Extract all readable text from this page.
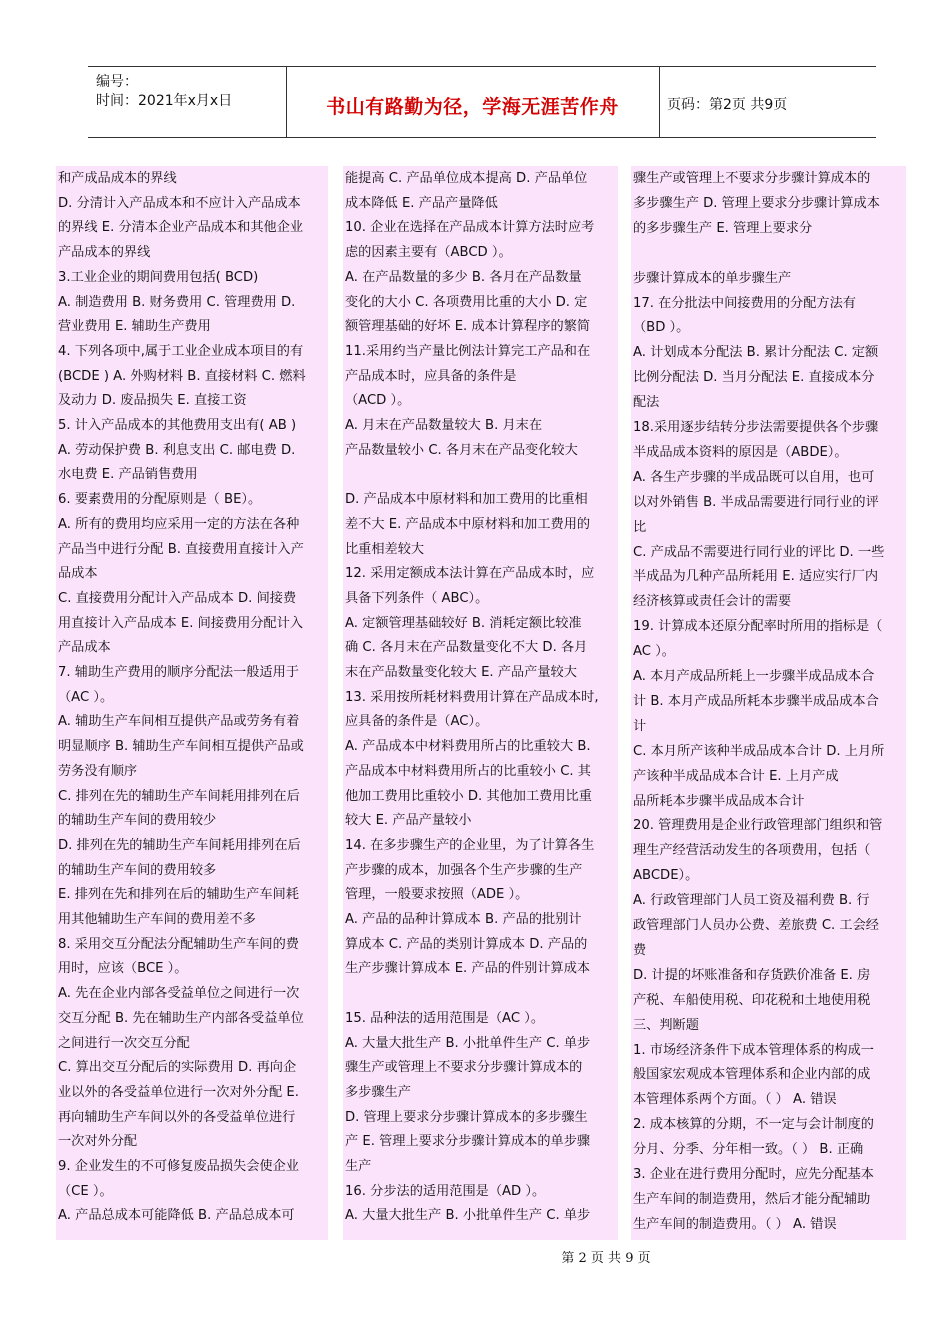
编号：
时间：2021年x月x日	书山有路勤为径，学海无涯苦作舟	页码：第2页 共9页
和产成品成本的界线
D. 分清计入产品成本和不应计入产品成本
的界线 E. 分清本企业产品成本和其他企业
产品成本的界线
3.工业企业的期间费用包括( BCD)
A. 制造费用 B. 财务费用 C. 管理费用 D.
营业费用 E. 辅助生产费用
4. 下列各项中,属于工业企业成本项目的有
(BCDE ) A. 外购材料 B. 直接材料 C. 燃料
及动力 D. 废品损失 E. 直接工资
5. 计入产品成本的其他费用支出有( AB )
A. 劳动保护费 B. 利息支出 C. 邮电费 D.
水电费 E. 产品销售费用
6. 要素费用的分配原则是（ BE）。
A. 所有的费用均应采用一定的方法在各种
产品当中进行分配 B. 直接费用直接计入产
品成本
C. 直接费用分配计入产品成本 D. 间接费
用直接计入产品成本 E. 间接费用分配计入
产品成本
7. 辅助生产费用的顺序分配法一般适用于
（AC ）。
A. 辅助生产车间相互提供产品或劳务有着
明显顺序 B. 辅助生产车间相互提供产品或
劳务没有顺序
C. 排列在先的辅助生产车间耗用排列在后
的辅助生产车间的费用较少
D. 排列在先的辅助生产车间耗用排列在后
的辅助生产车间的费用较多
E. 排列在先和排列在后的辅助生产车间耗
用其他辅助生产车间的费用差不多
8. 采用交互分配法分配辅助生产车间的费
用时，应该（BCE ）。
A. 先在企业内部各受益单位之间进行一次
交互分配 B. 先在辅助生产内部各受益单位
之间进行一次交互分配
C. 算出交互分配后的实际费用 D. 再向企
业以外的各受益单位进行一次对外分配 E.
再向辅助生产车间以外的各受益单位进行
一次对外分配
9. 企业发生的不可修复废品损失会使企业
（CE ）。
A. 产品总成本可能降低 B. 产品总成本可
能提高 C. 产品单位成本提高 D. 产品单位
成本降低 E. 产品产量降低
10. 企业在选择在产品成本计算方法时应考
虑的因素主要有（ABCD ）。
A. 在产品数量的多少 B. 各月在产品数量
变化的大小 C. 各项费用比重的大小 D. 定
额管理基础的好坏 E. 成本计算程序的繁简
11.采用约当产量比例法计算完工产品和在
产品成本时，应具备的条件是
（ACD ）。
A. 月末在产品数量较大 B. 月末在
产品数量较小 C. 各月末在产品变化较大
D. 产品成本中原材料和加工费用的比重相
差不大 E. 产品成本中原材料和加工费用的
比重相差较大
12. 采用定额成本法计算在产品成本时，应
具备下列条件（ ABC）。
A. 定额管理基础较好 B. 消耗定额比较准
确 C. 各月末在产品数量变化不大 D. 各月
末在产品数量变化较大 E. 产品产量较大
13. 采用按所耗材料费用计算在产品成本时,
应具备的条件是（AC）。
A. 产品成本中材料费用所占的比重较大 B.
产品成本中材料费用所占的比重较小 C. 其
他加工费用比重较小 D. 其他加工费用比重
较大 E. 产品产量较小
14. 在多步骤生产的企业里，为了计算各生
产步骤的成本，加强各个生产步骤的生产
管理，一般要求按照（ADE ）。
A. 产品的品种计算成本 B. 产品的批别计
算成本 C. 产品的类别计算成本 D. 产品的
生产步骤计算成本 E. 产品的件别计算成本
15. 品种法的适用范围是（AC ）。
A. 大量大批生产 B. 小批单件生产 C. 单步
骤生产或管理上不要求分步骤计算成本的
多步骤生产
D. 管理上要求分步骤计算成本的多步骤生
产 E. 管理上要求分步骤计算成本的单步骤
生产
16. 分步法的适用范围是（AD ）。
A. 大量大批生产 B. 小批单件生产 C. 单步
骤生产或管理上不要求分步骤计算成本的
多步骤生产 D. 管理上要求分步骤计算成本
的多步骤生产 E. 管理上要求分
步骤计算成本的单步骤生产
17. 在分批法中间接费用的分配方法有
（BD ）。
A. 计划成本分配法 B. 累计分配法 C. 定额
比例分配法 D. 当月分配法 E. 直接成本分
配法
18.采用逐步结转分步法需要提供各个步骤
半成品成本资料的原因是（ABDE）。
A. 各生产步骤的半成品既可以自用，也可
以对外销售 B. 半成品需要进行同行业的评
比
C. 产成品不需要进行同行业的评比 D. 一些
半成品为几种产品所耗用 E. 适应实行厂内
经济核算或责任会计的需要
19. 计算成本还原分配率时所用的指标是（
AC ）。
A. 本月产成品所耗上一步骤半成品成本合
计 B. 本月产成品所耗本步骤半成品成本合
计
C. 本月所产该种半成品成本合计 D. 上月所
产该种半成品成本合计 E. 上月产成
品所耗本步骤半成品成本合计
20. 管理费用是企业行政管理部门组织和管
理生产经营活动发生的各项费用，包括（
ABCDE）。
A. 行政管理部门人员工资及福利费 B. 行
政管理部门人员办公费、差旅费 C. 工会经
费
D. 计提的坏账准备和存货跌价准备 E. 房
产税、车船使用税、印花税和土地使用税
三、判断题
1. 市场经济条件下成本管理体系的构成一
般国家宏观成本管理体系和企业内部的成
本管理体系两个方面。（ ） A. 错误
2. 成本核算的分期，不一定与会计制度的
分月、分季、分年相一致。（ ） B. 正确
3. 企业在进行费用分配时，应先分配基本
生产车间的制造费用，然后才能分配辅助
生产车间的制造费用。（ ） A. 错误
第 2 页 共 9 页
